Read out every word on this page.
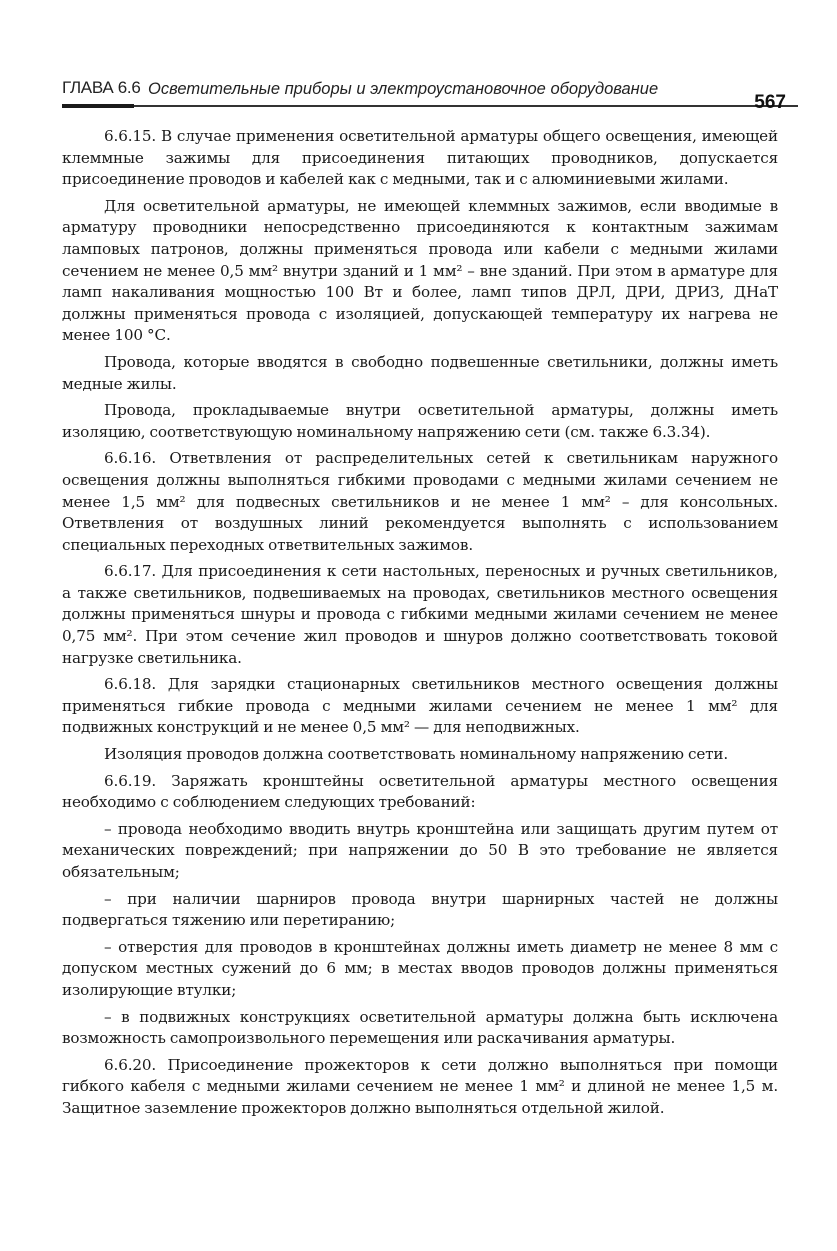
ГЛАВА 6.6 Осветительные приборы и электроустановочное оборудование
567

6.6.15. В случае применения осветительной арматуры общего освещения, имеющей клеммные зажимы для присоединения питающих проводников, допускается присоединение проводов и кабелей как с медными, так и с алюминиевыми жилами.

Для осветительной арматуры, не имеющей клеммных зажимов, если вводимые в арматуру проводники непосредственно присоединяются к контактным зажимам ламповых патронов, должны применяться провода или кабели с медными жилами сечением не менее 0,5 мм² внутри зданий и 1 мм² – вне зданий. При этом в арматуре для ламп накаливания мощностью 100 Вт и более, ламп типов ДРЛ, ДРИ, ДРИЗ, ДНаТ должны применяться провода с изоляцией, допускающей температуру их нагрева не менее 100 °С.

Провода, которые вводятся в свободно подвешенные светильники, должны иметь медные жилы.

Провода, прокладываемые внутри осветительной арматуры, должны иметь изоляцию, соответствующую номинальному напряжению сети (см. также 6.3.34).

6.6.16. Ответвления от распределительных сетей к светильникам наружного освещения должны выполняться гибкими проводами с медными жилами сечением не менее 1,5 мм² для подвесных светильников и не менее 1 мм² – для консольных. Ответвления от воздушных линий рекомендуется выполнять с использованием специальных переходных ответвительных зажимов.

6.6.17. Для присоединения к сети настольных, переносных и ручных светильников, а также светильников, подвешиваемых на проводах, светильников местного освещения должны применяться шнуры и провода с гибкими медными жилами сечением не менее 0,75 мм². При этом сечение жил проводов и шнуров должно соответствовать токовой нагрузке светильника.

6.6.18. Для зарядки стационарных светильников местного освещения должны применяться гибкие провода с медными жилами сечением не менее 1 мм² для подвижных конструкций и не менее 0,5 мм² — для неподвижных.

Изоляция проводов должна соответствовать номинальному напряжению сети.

6.6.19. Заряжать кронштейны осветительной арматуры местного освещения необходимо с соблюдением следующих требований:

– провода необходимо вводить внутрь кронштейна или защищать другим путем от механических повреждений; при напряжении до 50 В это требование не является обязательным;

– при наличии шарниров провода внутри шарнирных частей не должны подвергаться тяжению или перетиранию;

– отверстия для проводов в кронштейнах должны иметь диаметр не менее 8 мм с допуском местных сужений до 6 мм; в местах вводов проводов должны применяться изолирующие втулки;

– в подвижных конструкциях осветительной арматуры должна быть исключена возможность самопроизвольного перемещения или раскачивания арматуры.

6.6.20. Присоединение прожекторов к сети должно выполняться при помощи гибкого кабеля с медными жилами сечением не менее 1 мм² и длиной не менее 1,5 м. Защитное заземление прожекторов должно выполняться отдельной жилой.
